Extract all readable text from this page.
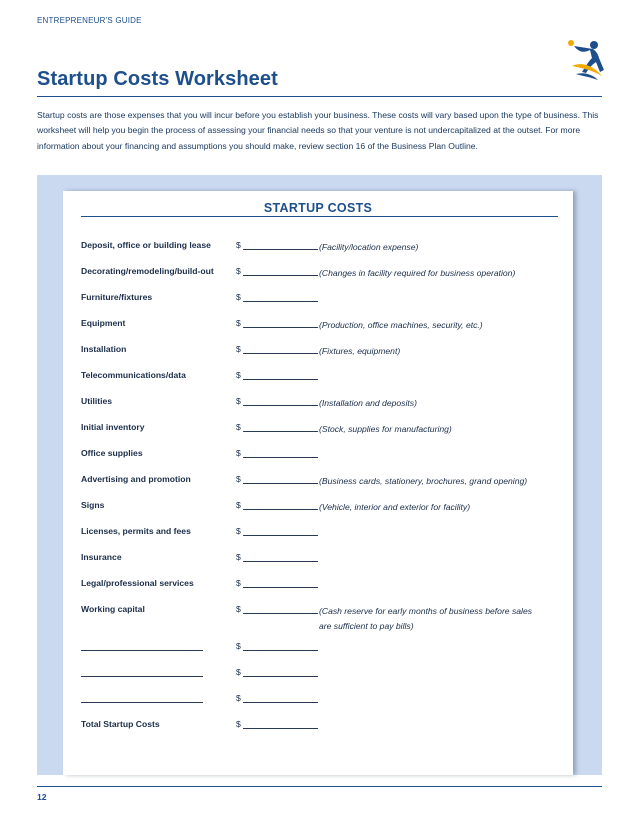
ENTREPRENEUR'S GUIDE
Startup Costs Worksheet
Startup costs are those expenses that you will incur before you establish your business. These costs will vary based upon the type of business. This worksheet will help you begin the process of assessing your financial needs so that your venture is not undercapitalized at the outset. For more information about your financing and assumptions you should make, review section 16 of the Business Plan Outline.
STARTUP COSTS
Deposit, office or building lease	$	(Facility/location expense)
Decorating/remodeling/build-out	$	(Changes in facility required for business operation)
Furniture/fixtures	$
Equipment	$	(Production, office machines, security, etc.)
Installation	$	(Fixtures, equipment)
Telecommunications/data	$
Utilities	$	(Installation and deposits)
Initial inventory	$	(Stock, supplies for manufacturing)
Office supplies	$
Advertising and promotion	$	(Business cards, stationery, brochures, grand opening)
Signs	$	(Vehicle, interior and exterior for facility)
Licenses, permits and fees	$
Insurance	$
Legal/professional services	$
Working capital	$	(Cash reserve for early months of business before sales
are sufficient to pay bills)
$
$
$
Total Startup Costs	$
12
